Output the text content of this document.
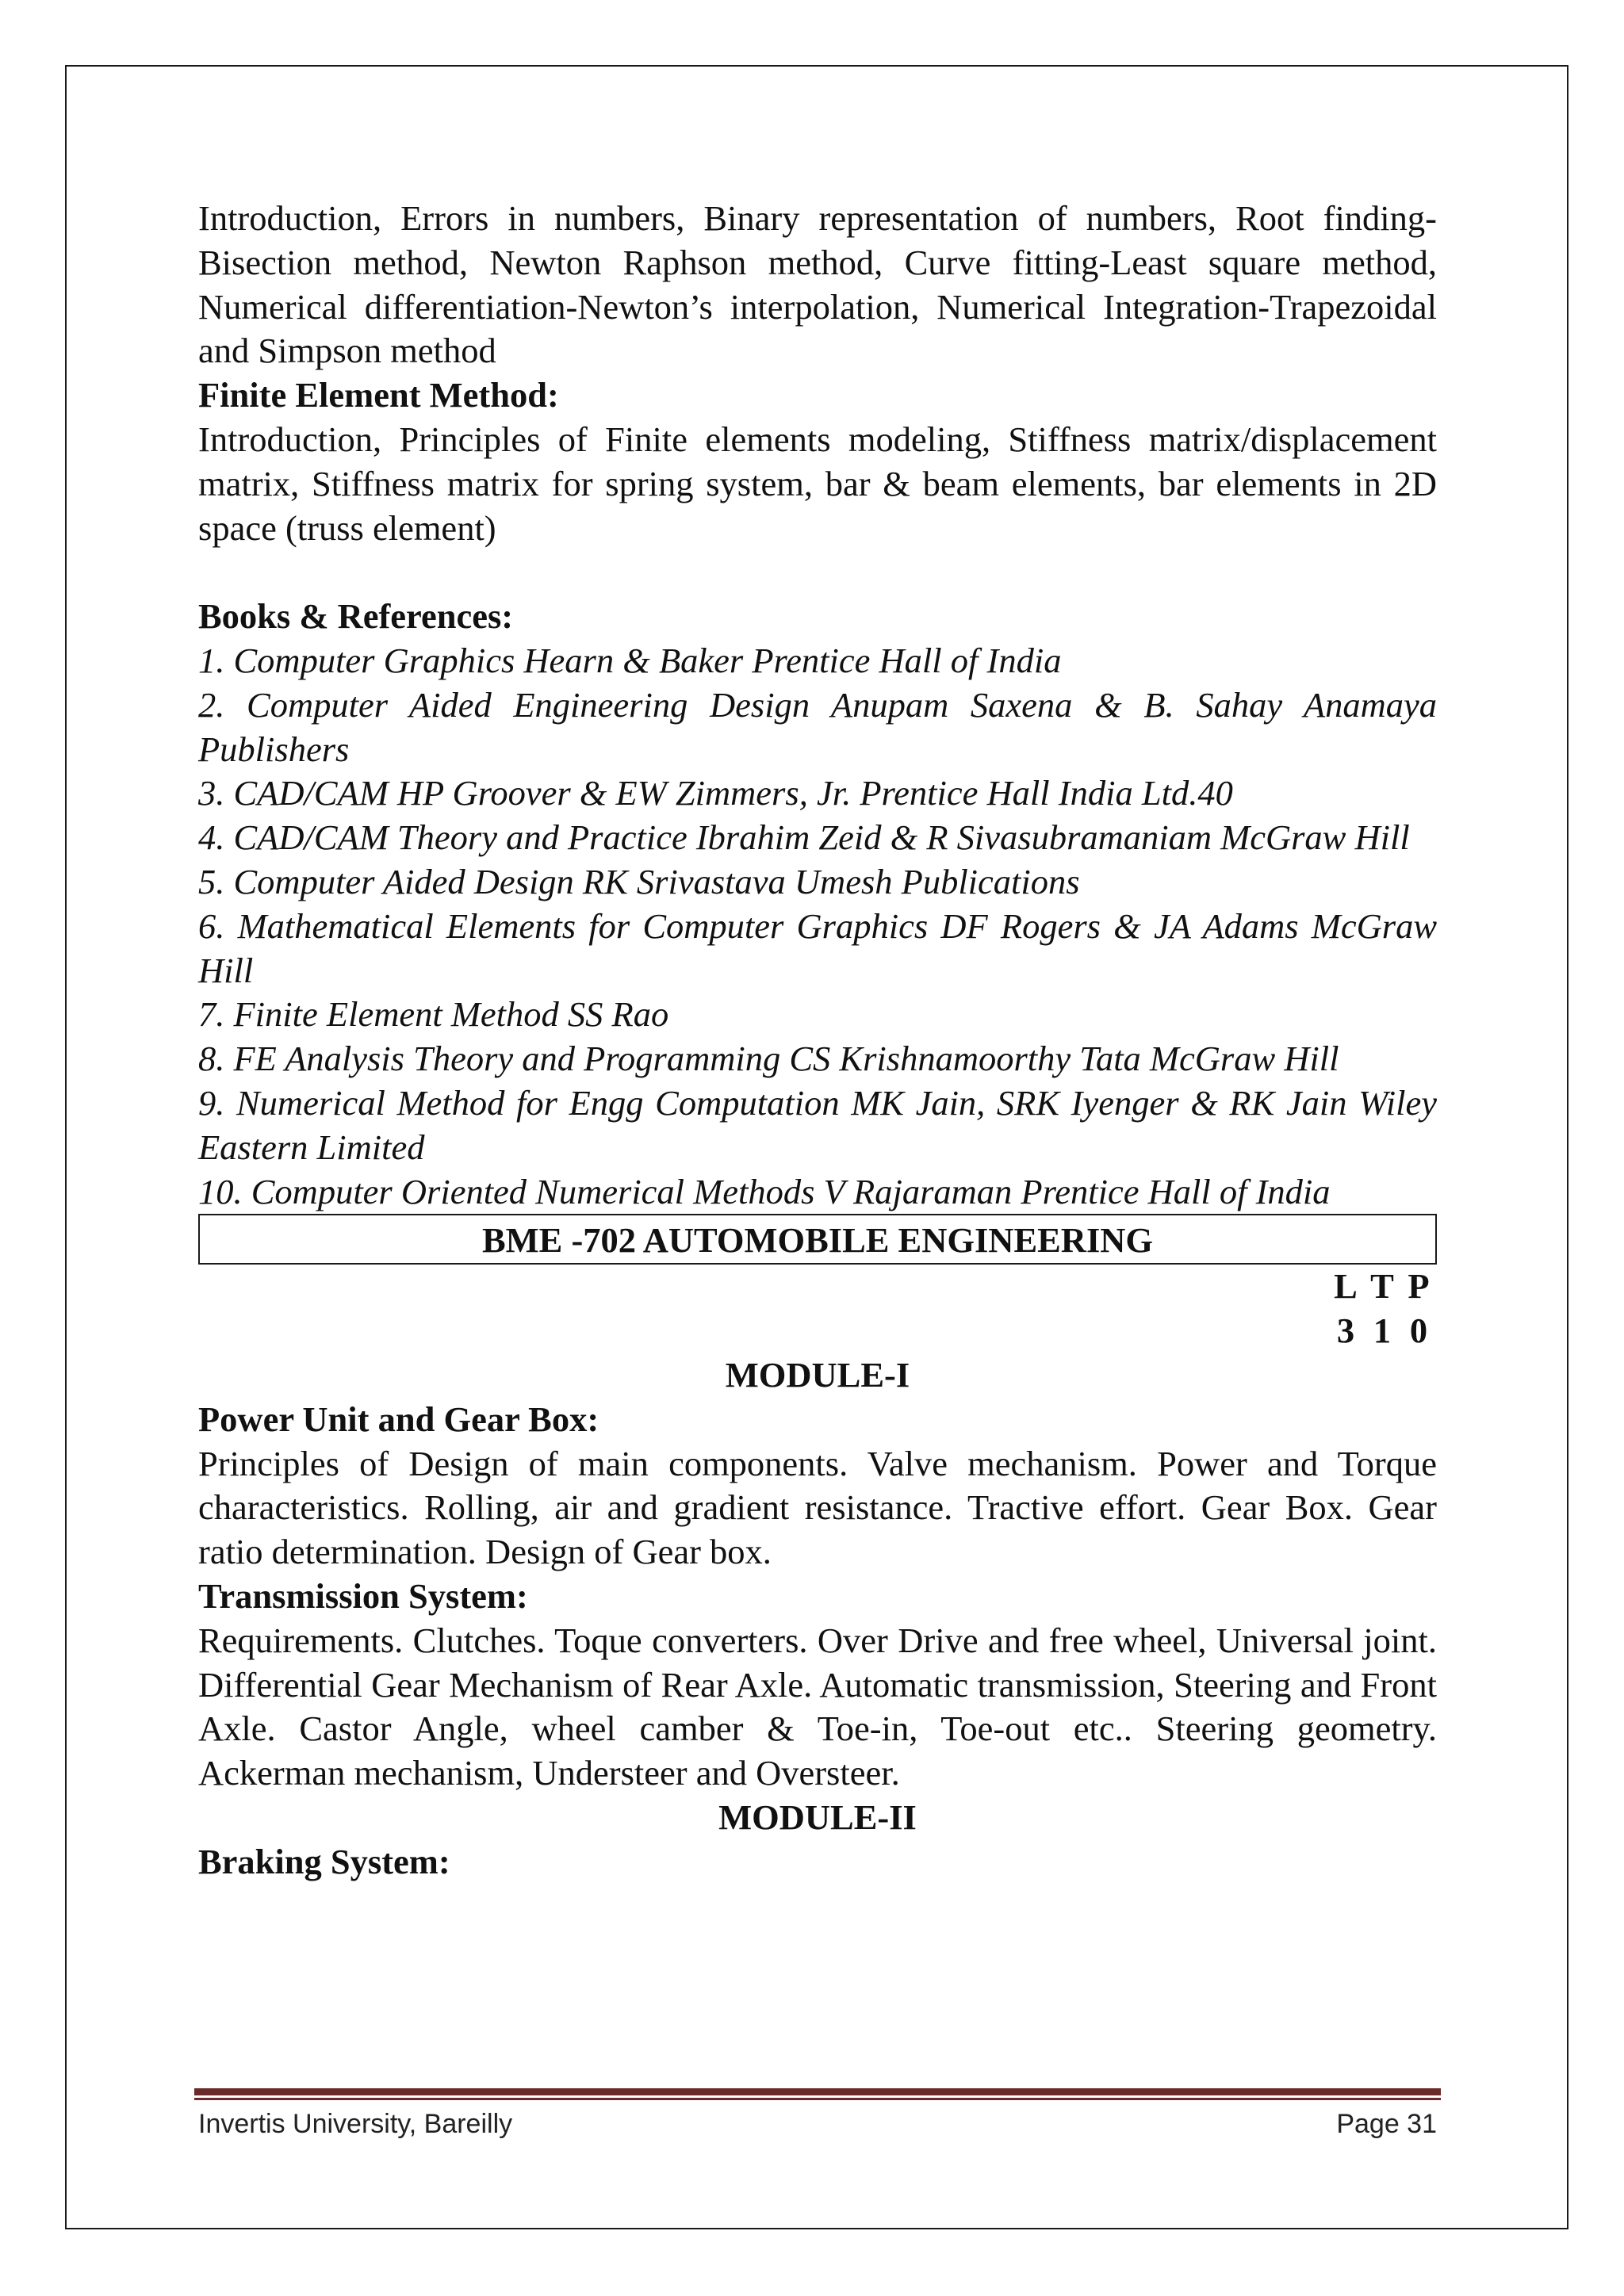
Introduction, Errors in numbers, Binary representation of numbers, Root finding- Bisection method, Newton Raphson method, Curve fitting-Least square method, Numerical differentiation-Newton’s interpolation, Numerical Integration-Trapezoidal and Simpson method

Finite Element Method:

Introduction, Principles of Finite elements modeling, Stiffness matrix/displacement matrix, Stiffness matrix for spring system, bar & beam elements, bar elements in 2D space (truss element)

Books & References:

1. Computer Graphics Hearn & Baker Prentice Hall of India

2. Computer Aided Engineering Design Anupam Saxena & B. Sahay Anamaya Publishers

3. CAD/CAM HP Groover & EW Zimmers, Jr. Prentice Hall India Ltd.40

4. CAD/CAM Theory and Practice Ibrahim Zeid & R Sivasubramaniam McGraw Hill

5. Computer Aided Design RK Srivastava Umesh Publications

6. Mathematical Elements for Computer Graphics DF Rogers & JA Adams McGraw Hill

7. Finite Element Method SS Rao

8. FE Analysis Theory and Programming CS Krishnamoorthy Tata McGraw Hill

9. Numerical Method for Engg Computation MK Jain, SRK Iyenger & RK Jain Wiley Eastern Limited

10. Computer Oriented Numerical Methods V Rajaraman Prentice Hall of India

BME -702 AUTOMOBILE ENGINEERING
L T P
3 1 0
MODULE-I
Power Unit and Gear Box:

Principles of Design of main components. Valve mechanism. Power and Torque characteristics. Rolling, air and gradient resistance. Tractive effort. Gear Box. Gear ratio determination. Design of Gear box.

Transmission System:

Requirements. Clutches. Toque converters. Over Drive and free wheel, Universal joint. Differential Gear Mechanism of Rear Axle. Automatic transmission, Steering and Front Axle. Castor Angle, wheel camber & Toe-in, Toe-out etc.. Steering geometry. Ackerman mechanism, Understeer and Oversteer.

MODULE-II
Braking System:
Invertis University, Bareilly	Page 31
